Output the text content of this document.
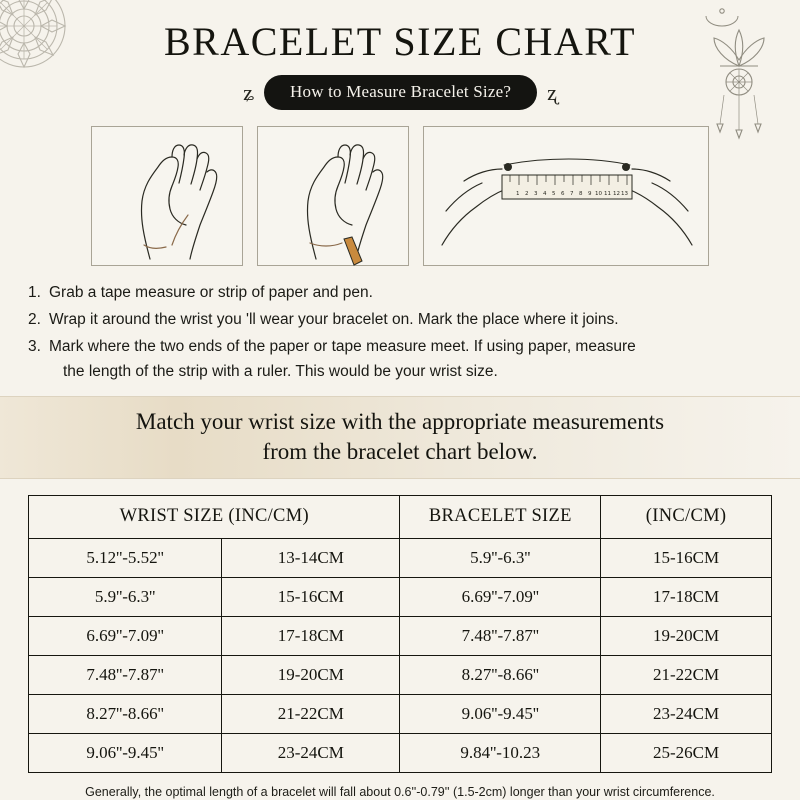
BRACELET SIZE CHART
ʑ	How to Measure Bracelet Size?	ʐ
1 2 3 4 5 6 7 8 9 10 11 12 13
1. Grab a tape measure or strip of paper and pen.
2. Wrap it around the wrist you 'll wear your bracelet on. Mark the place where it joins.
3. Mark where the two ends of the paper or tape measure meet. If using paper, measure
the length of the strip with a ruler. This would be your wrist size.
Match your wrist size with the appropriate measurements
from the bracelet chart below.
WRIST SIZE (INC/CM)		BRACELET SIZE	(INC/CM)
5.12''-5.52''	13-14CM	5.9''-6.3''	15-16CM
5.9''-6.3''	15-16CM	6.69''-7.09''	17-18CM
6.69''-7.09''	17-18CM	7.48''-7.87''	19-20CM
7.48''-7.87''	19-20CM	8.27''-8.66''	21-22CM
8.27''-8.66''	21-22CM	9.06''-9.45''	23-24CM
9.06''-9.45''	23-24CM	9.84''-10.23	25-26CM
Generally, the optimal length of a bracelet will fall about 0.6''-0.79'' (1.5-2cm) longer than your wrist circumference.
